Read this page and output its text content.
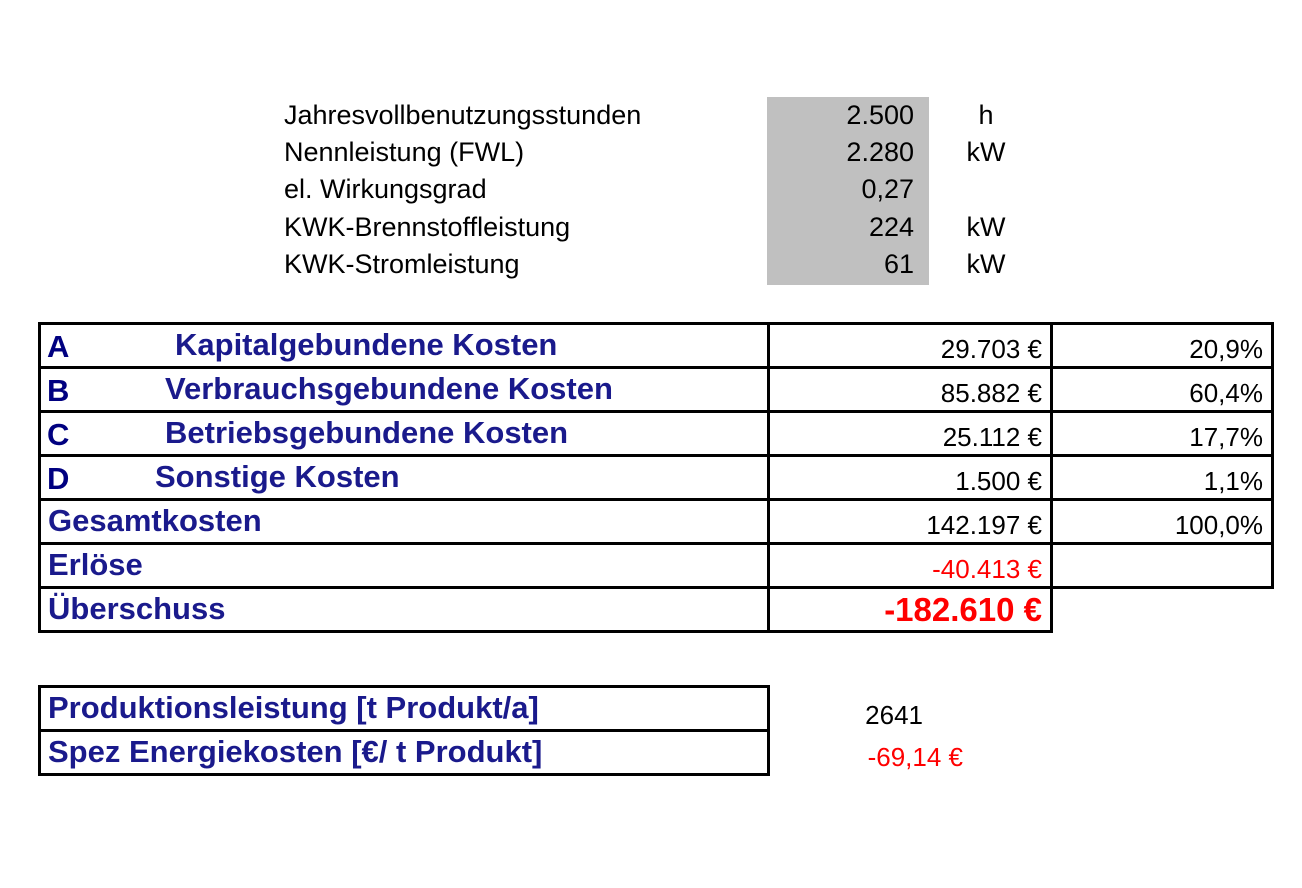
Jahresvollbenutzungsstunden	2.500	h
Nennleistung (FWL)	2.280	kW
el. Wirkungsgrad	0,27
KWK-Brennstoffleistung	224	kW
KWK-Stromleistung	61	kW
A Kapitalgebundene Kosten	29.703 €	20,9%

B Verbrauchsgebundene Kosten	85.882 €	60,4%

C Betriebsgebundene Kosten	25.112 €	17,7%

D Sonstige Kosten	1.500 €	1,1%

Gesamtkosten	142.197 €	100,0%

Erlöse	-40.413 €	

Überschuss	-182.610 €	
Produktionsleistung [t Produkt/a]	2641

Spez Energiekosten [€/ t Produkt]	-69,14 €
